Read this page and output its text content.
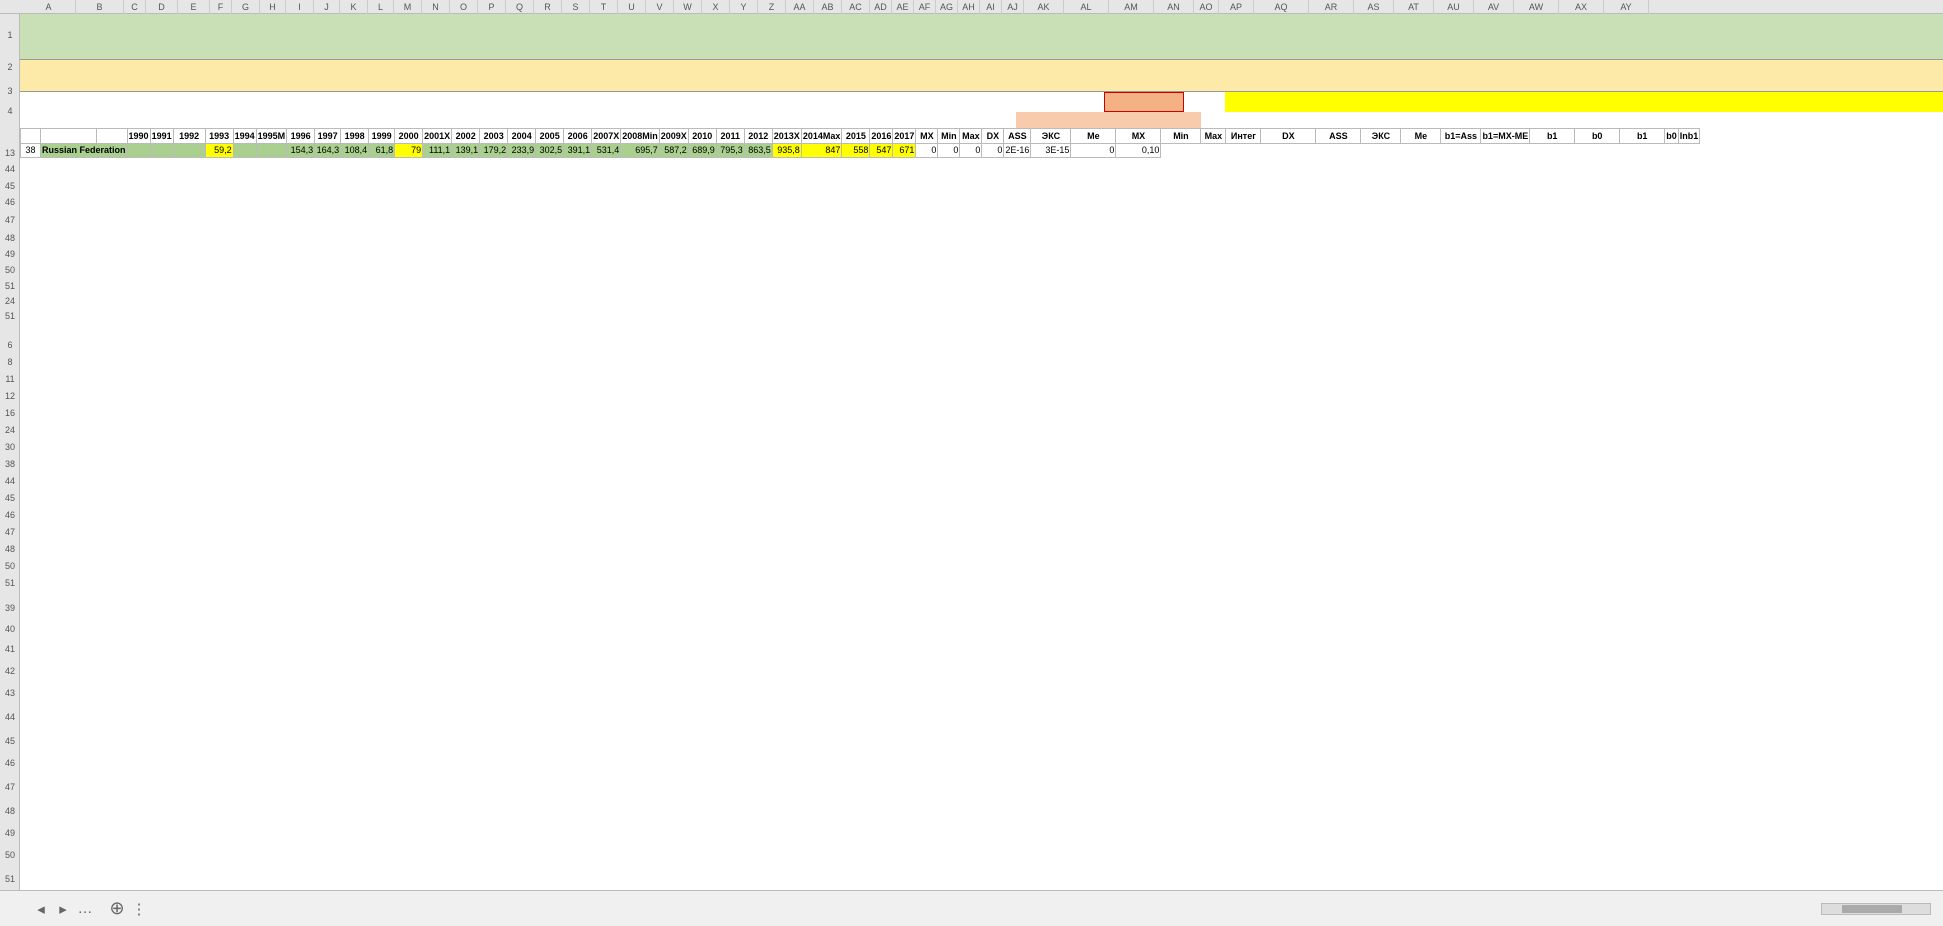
A	B	C	D	E	F	G	H	I	J	K	L	M	N	O	P	Q	R	S	T	U	V	W	X	Y	Z	AA	AB	AC	AD	AE	AF	AG	AH	AI	AJ	AK	AL	AM	AN	AO	AP	AQ	AR	AS	AT	AU	AV	AW	AX	AY
1
2
3
4
13
44
45
46
47
48
49
50
51
24
51
6
8
11
12
16
24
30
38
44
45
46
47
48
50
51
39
40
41
42
43
44
45
46
47
48
49
50
51
			1990	1991	1992	1993	1994	1995M	1996	1997	1998	1999	2000	2001X	2002	2003	2004	2005	2006	2007X	2008Min	2009X	2010	2011	2012	2013X	2014Max	2015	2016	2017	MX	Min	Max	DX	ASS	ЭКС	Me	MX	Min	Max	Интег	DX	ASS	ЭКС	Me	b1=Ass	b1=MX-ME	b1	b0	b1	b0	lnb1
38	Russian Federation					59,2			154,3	164,3	108,4	61,8	79	111,1	139,1	179,2	233,9	302,5	391,1	531,4	695,7	587,2	689,9	795,3	863,5	935,8	847	558	547	671	0	0	0	0	2E-16	3E-15	0	0,10														
◂ ▸ … ⊕ ⋮
